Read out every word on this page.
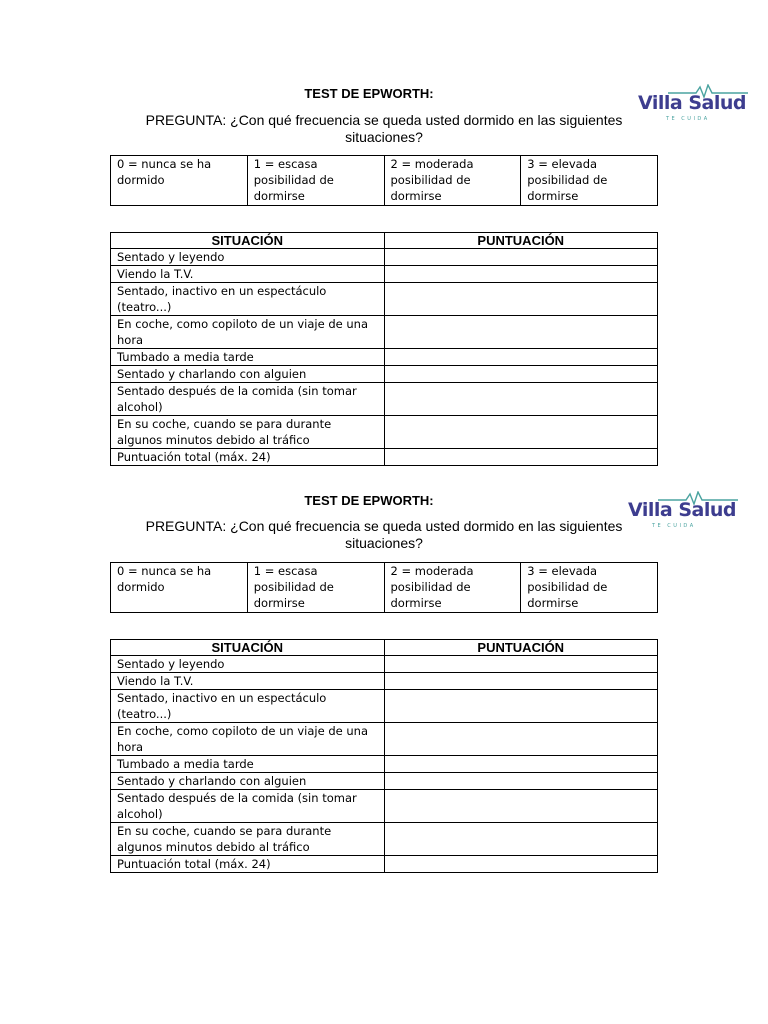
TEST DE EPWORTH:
PREGUNTA: ¿Con qué frecuencia se queda usted dormido en las siguientes
situaciones?
Villa Salud
TE CUIDA
0 = nunca se ha dormido	1 = escasa posibilidad de dormirse	2 = moderada posibilidad de dormirse	3 = elevada posibilidad de dormirse
SITUACIÓN	PUNTUACIÓN
Sentado y leyendo	
Viendo la T.V.	
Sentado, inactivo en un espectáculo (teatro...)	
En coche, como copiloto de un viaje de una hora	
Tumbado a media tarde	
Sentado y charlando con alguien	
Sentado después de la comida (sin tomar alcohol)	
En su coche, cuando se para durante algunos minutos debido al tráfico	
Puntuación total (máx. 24)	
TEST DE EPWORTH:
PREGUNTA: ¿Con qué frecuencia se queda usted dormido en las siguientes
situaciones?
Villa Salud
TE CUIDA
0 = nunca se ha dormido	1 = escasa posibilidad de dormirse	2 = moderada posibilidad de dormirse	3 = elevada posibilidad de dormirse
SITUACIÓN	PUNTUACIÓN
Sentado y leyendo	
Viendo la T.V.	
Sentado, inactivo en un espectáculo (teatro...)	
En coche, como copiloto de un viaje de una hora	
Tumbado a media tarde	
Sentado y charlando con alguien	
Sentado después de la comida (sin tomar alcohol)	
En su coche, cuando se para durante algunos minutos debido al tráfico	
Puntuación total (máx. 24)	
